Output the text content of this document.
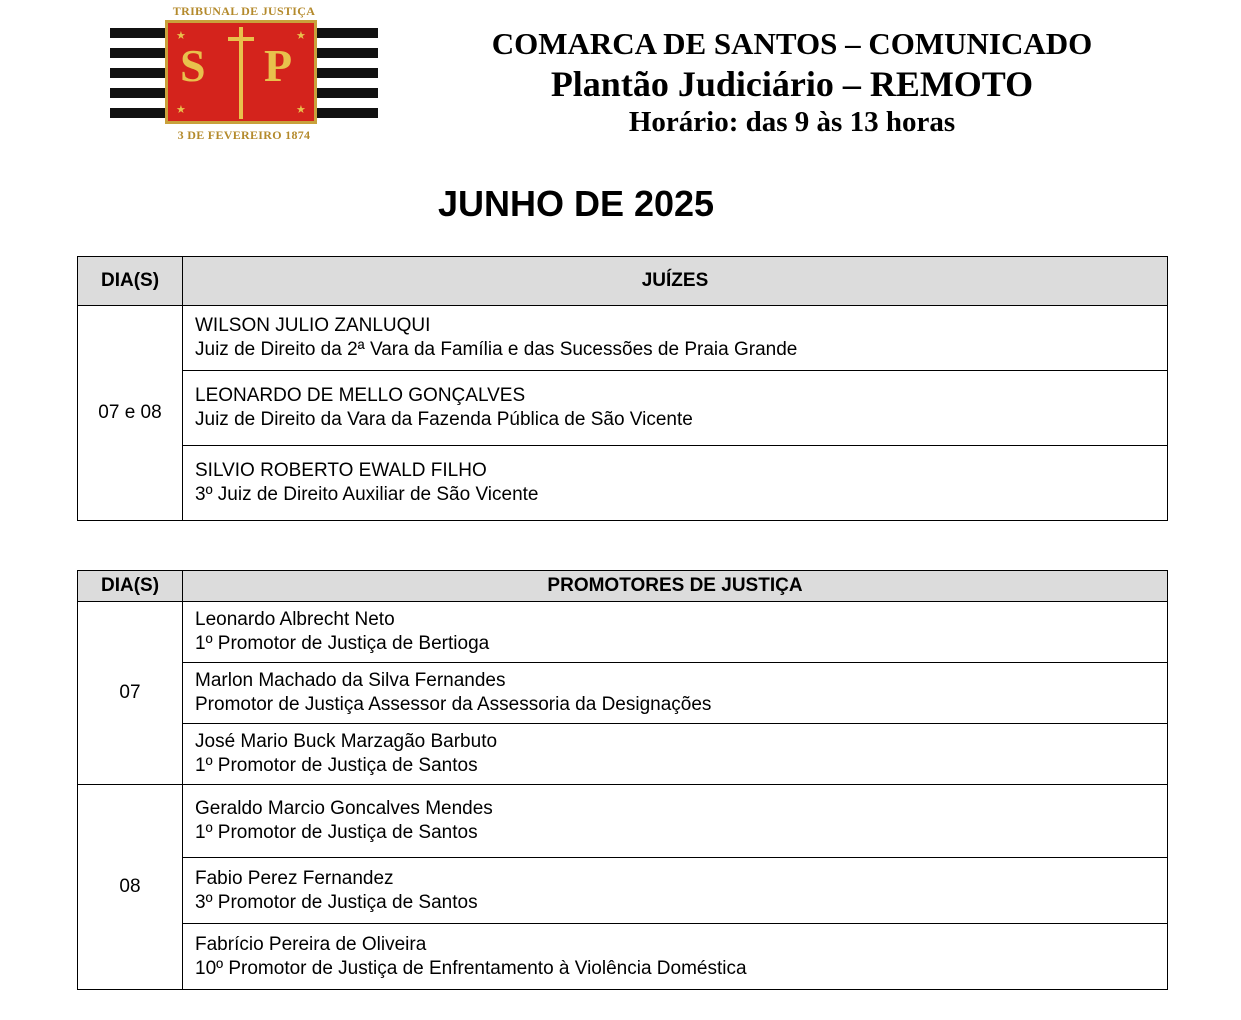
TRIBUNAL DE JUSTIÇA
S P
★	★
★	★
3 DE FEVEREIRO 1874
COMARCA DE SANTOS – COMUNICADO
Plantão Judiciário – REMOTO
Horário: das 9 às 13 horas
JUNHO DE 2025
DIA(S)	JUÍZES
07 e 08	WILSON JULIO ZANLUQUI
Juiz de Direito da 2ª Vara da Família e das Sucessões de Praia Grande

	LEONARDO DE MELLO GONÇALVES
Juiz de Direito da Vara da Fazenda Pública de São Vicente

	SILVIO ROBERTO EWALD FILHO
3º Juiz de Direito Auxiliar de São Vicente
DIA(S)	PROMOTORES DE JUSTIÇA
07	Leonardo Albrecht Neto
1º Promotor de Justiça de Bertioga

	Marlon Machado da Silva Fernandes
Promotor de Justiça Assessor da Assessoria da Designações

	José Mario Buck Marzagão Barbuto
1º Promotor de Justiça de Santos

08	Geraldo Marcio Goncalves Mendes
1º Promotor de Justiça de Santos

	Fabio Perez Fernandez
3º Promotor de Justiça de Santos

	Fabrício Pereira de Oliveira
10º Promotor de Justiça de Enfrentamento à Violência Doméstica
